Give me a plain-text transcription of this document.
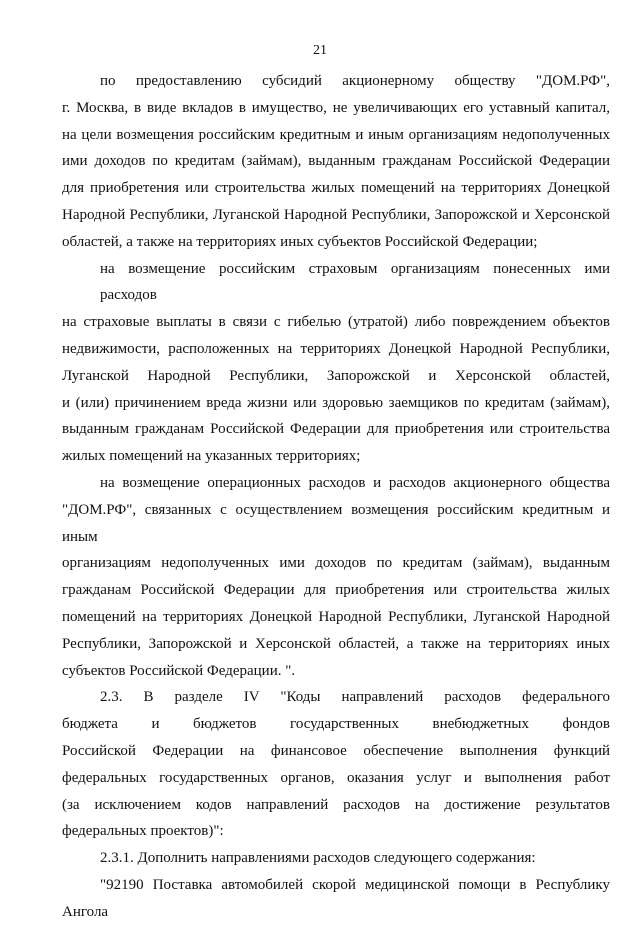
21
по предоставлению субсидий акционерному обществу "ДОМ.РФ",
г. Москва, в виде вкладов в имущество, не увеличивающих его уставный капитал,
на цели возмещения российским кредитным и иным организациям недополученных
ими доходов по кредитам (займам), выданным гражданам Российской Федерации
для приобретения или строительства жилых помещений на территориях Донецкой
Народной Республики, Луганской Народной Республики, Запорожской и Херсонской
областей, а также на территориях иных субъектов Российской Федерации;
на возмещение российским страховым организациям понесенных ими расходов
на страховые выплаты в связи с гибелью (утратой) либо повреждением объектов
недвижимости, расположенных на территориях Донецкой Народной Республики,
Луганской Народной Республики, Запорожской и Херсонской областей,
и (или) причинением вреда жизни или здоровью заемщиков по кредитам (займам),
выданным гражданам Российской Федерации для приобретения или строительства
жилых помещений на указанных территориях;
на возмещение операционных расходов и расходов акционерного общества
"ДОМ.РФ", связанных с осуществлением возмещения российским кредитным и иным
организациям недополученных ими доходов по кредитам (займам), выданным
гражданам Российской Федерации для приобретения или строительства жилых
помещений на территориях Донецкой Народной Республики, Луганской Народной
Республики, Запорожской и Херсонской областей, а также на территориях иных
субъектов Российской Федерации. ".
2.3. В разделе IV "Коды направлений расходов федерального
бюджета и бюджетов государственных внебюджетных фондов
Российской Федерации на финансовое обеспечение выполнения функций
федеральных государственных органов, оказания услуг и выполнения работ
(за исключением кодов направлений расходов на достижение результатов
федеральных проектов)":
2.3.1. Дополнить направлениями расходов следующего содержания:
"92190 Поставка автомобилей скорой медицинской помощи в Республику
Ангола
